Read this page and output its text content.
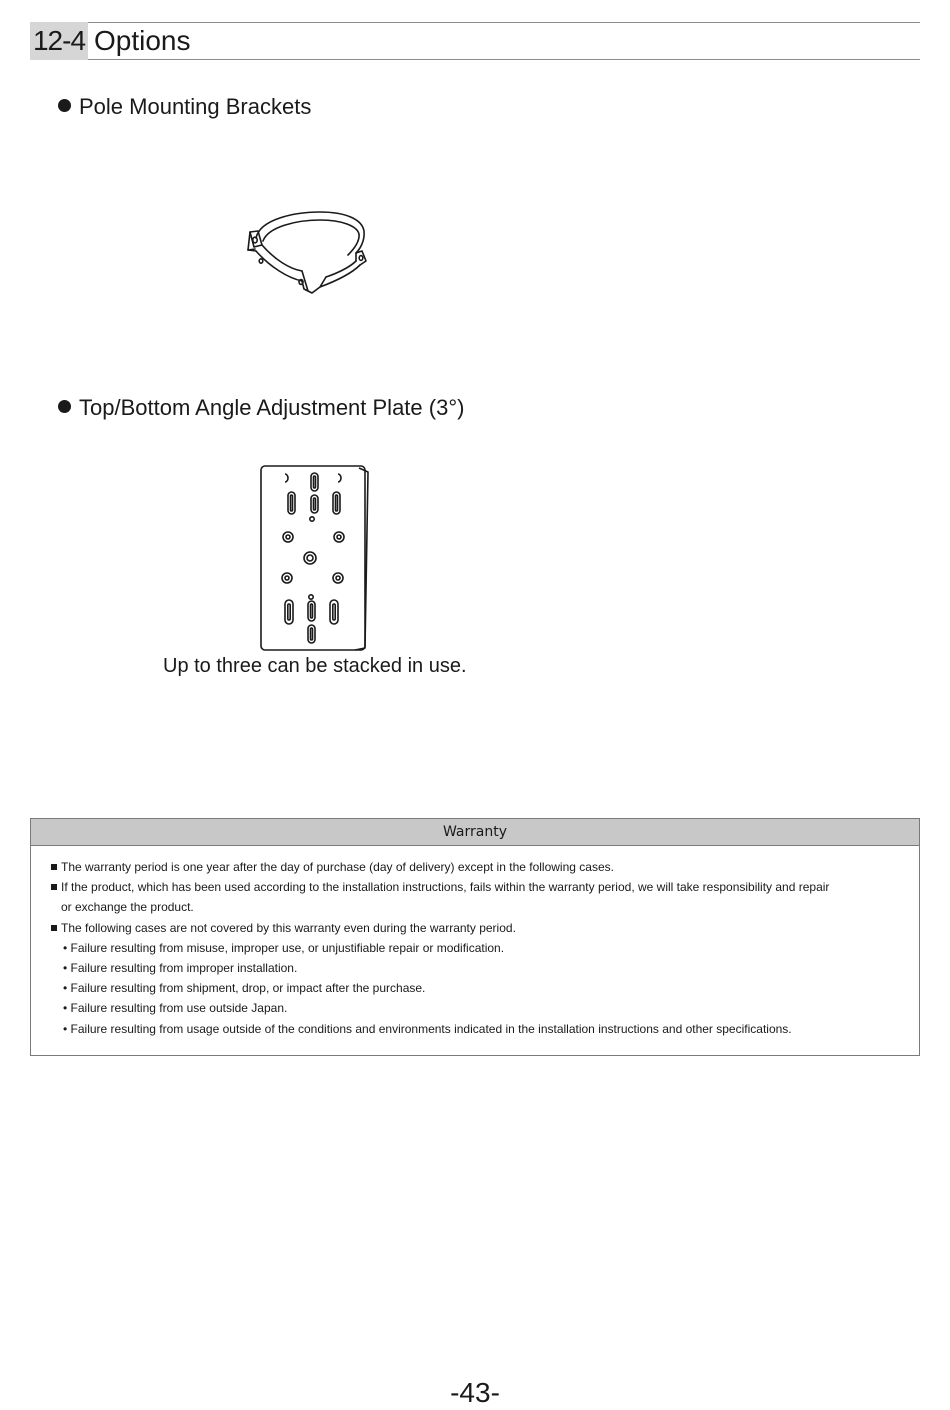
12-4 Options
Pole Mounting Brackets
Top/Bottom Angle Adjustment Plate (3°)
Up to three can be stacked in use.
Warranty
The warranty period is one year after the day of purchase (day of delivery) except in the following cases.
If the product, which has been used according to the installation instructions, fails within the warranty period, we will take responsibility and repair
or exchange the product.
The following cases are not covered by this warranty even during the warranty period.
• Failure resulting from misuse, improper use, or unjustifiable repair or modification.
• Failure resulting from improper installation.
• Failure resulting from shipment, drop, or impact after the purchase.
• Failure resulting from use outside Japan.
• Failure resulting from usage outside of the conditions and environments indicated in the installation instructions and other specifications.
-43-
